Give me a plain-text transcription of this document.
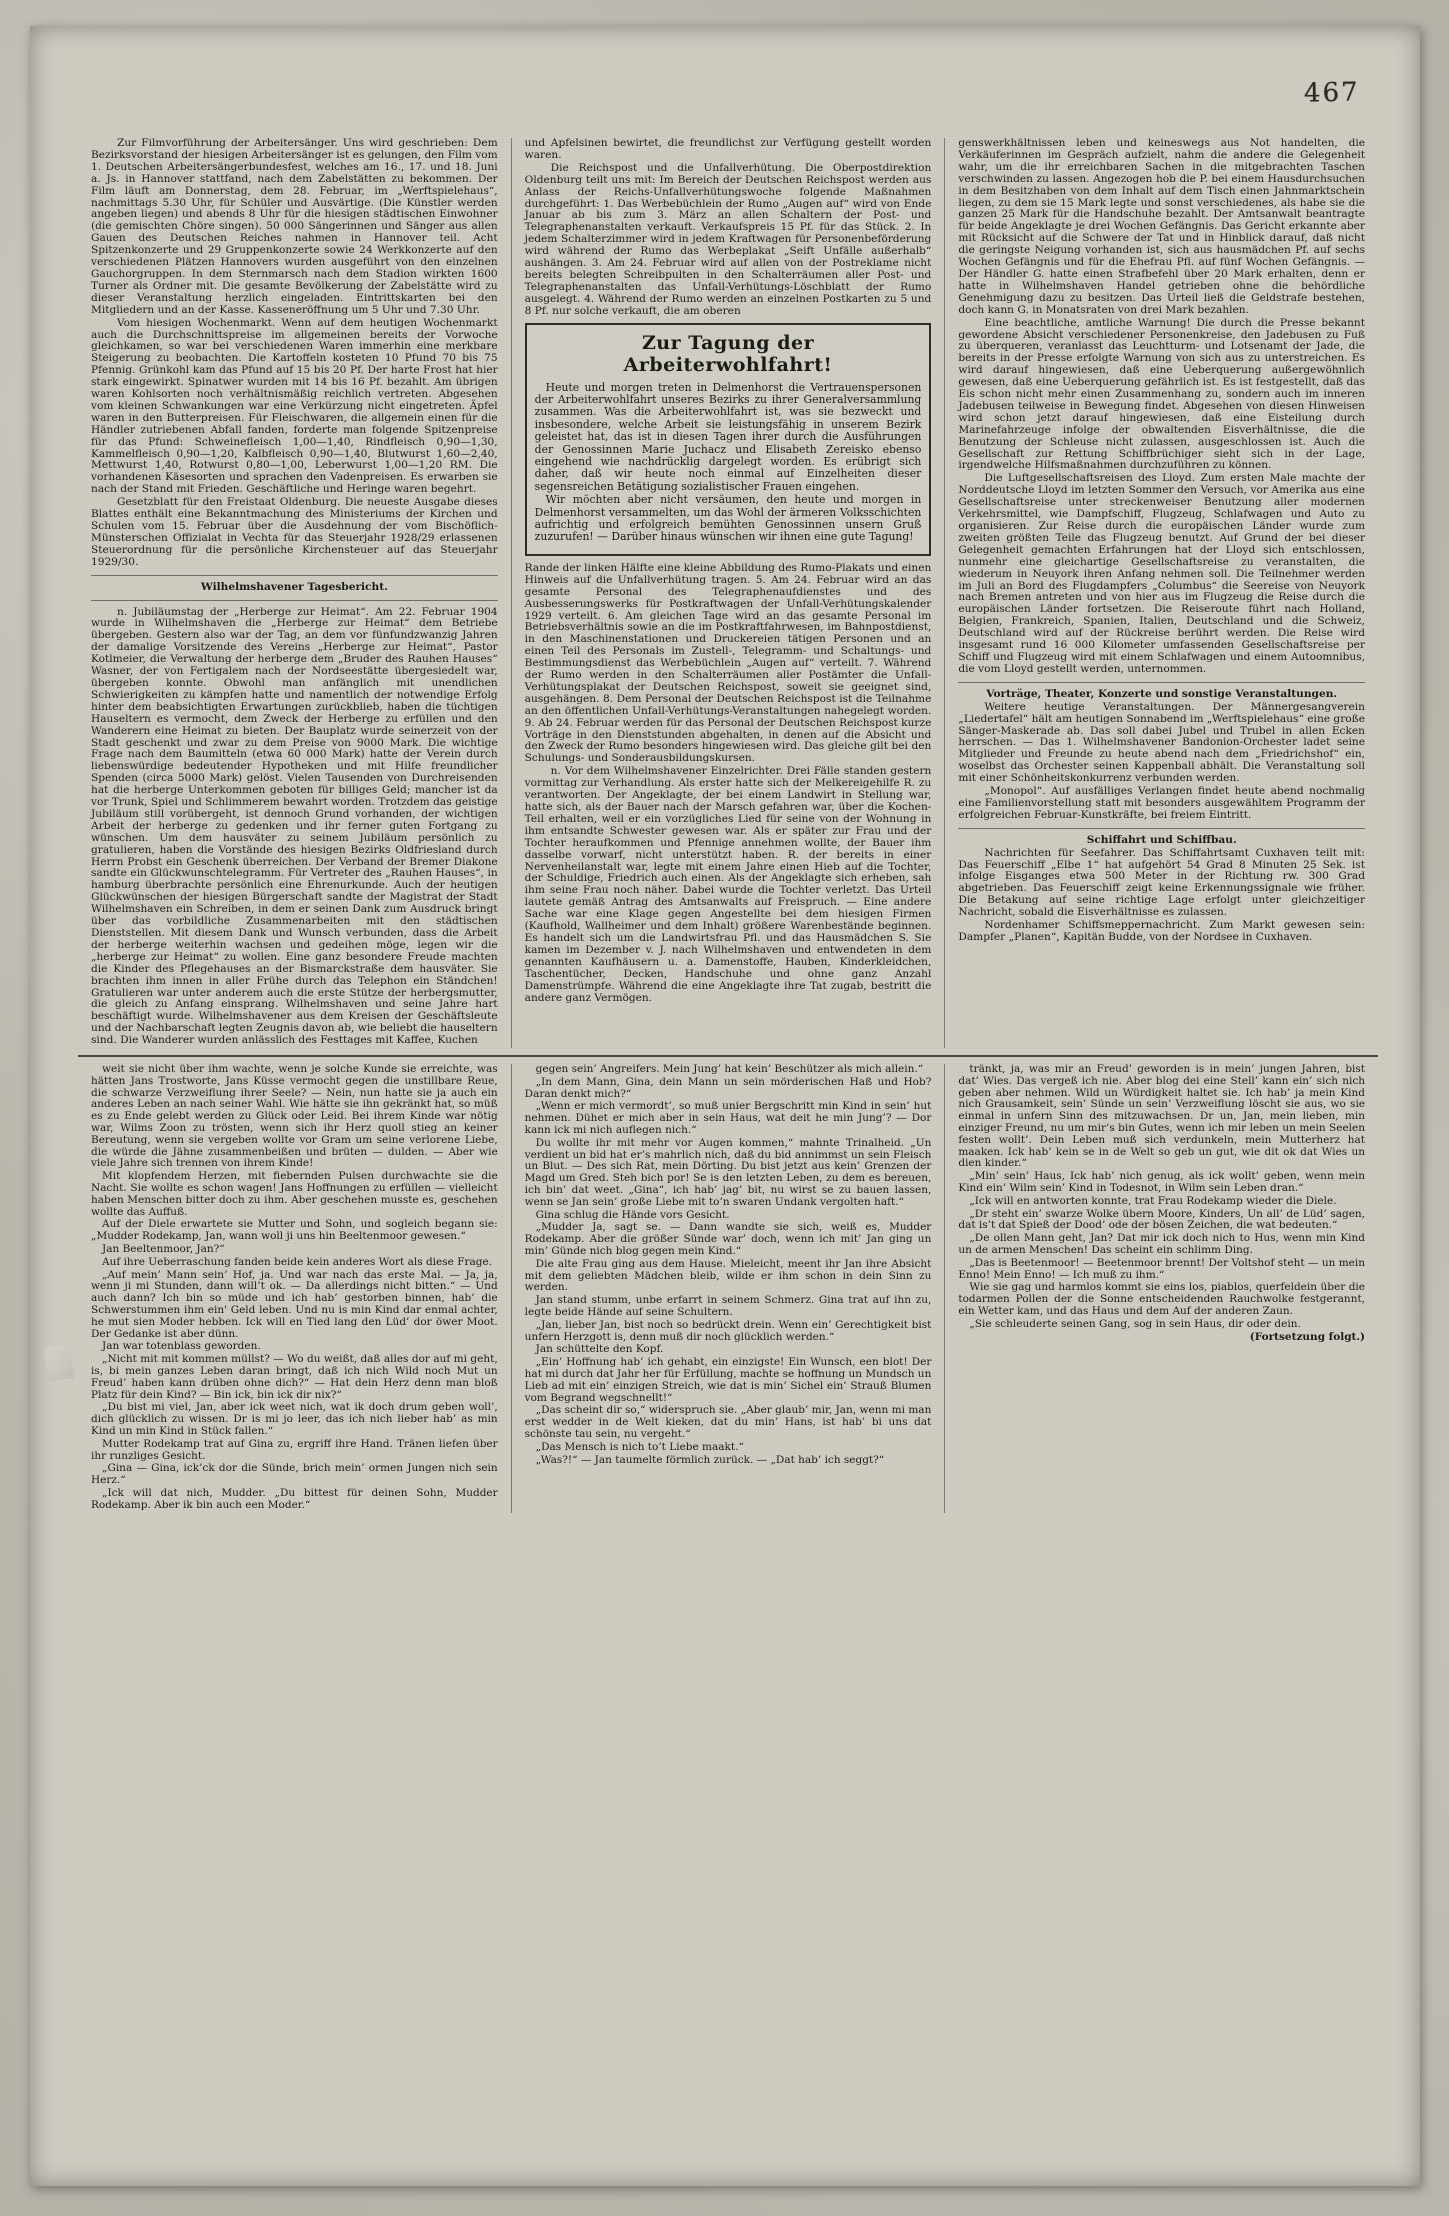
467

Zur Filmvorführung der Arbeitersänger. Uns wird geschrieben: Dem Bezirksvorstand der hiesigen Arbeitersänger ist es gelungen, den Film vom 1. Deutschen Arbeitersängerbundesfest, welches am 16., 17. und 18. Juni a. Js. in Hannover stattfand, nach dem Zabelstätten zu bekommen. Der Film läuft am Donnerstag, dem 28. Februar, im „Werftspielehaus“, nachmittags 5.30 Uhr, für Schüler und Ausvärtige. (Die Künstler werden angeben liegen) und abends 8 Uhr für die hiesigen städtischen Einwohner (die gemischten Chöre singen). 50 000 Sängerinnen und Sänger aus allen Gauen des Deutschen Reiches nahmen in Hannover teil. Acht Spitzenkonzerte und 29 Gruppenkonzerte sowie 24 Werkkonzerte auf den verschiedenen Plätzen Hannovers wurden ausgeführt von den einzelnen Gauchorgruppen. In dem Sternmarsch nach dem Stadion wirkten 1600 Turner als Ordner mit. Die gesamte Bevölkerung der Zabelstätte wird zu dieser Veranstaltung herzlich eingeladen. Eintrittskarten bei den Mitgliedern und an der Kasse. Kasseneröffnung um 5 Uhr und 7.30 Uhr.

Vom hiesigen Wochenmarkt. Wenn auf dem heutigen Wochenmarkt auch die Durchschnittspreise im allgemeinen bereits der Vorwoche gleichkamen, so war bei verschiedenen Waren immerhin eine merkbare Steigerung zu beobachten. Die Kartoffeln kosteten 10 Pfund 70 bis 75 Pfennig. Grünkohl kam das Pfund auf 15 bis 20 Pf. Der harte Frost hat hier stark eingewirkt. Spinatwer wurden mit 14 bis 16 Pf. bezahlt. Am übrigen waren Kohlsorten noch verhältnismäßig reichlich vertreten. Abgesehen vom kleinen Schwankungen war eine Verkürzung nicht eingetreten. Äpfel waren in den Butterpreisen. Für Fleischwaren, die allgemein einen für die Händler zutriebenen Abfall fanden, forderte man folgende Spitzenpreise für das Pfund: Schweinefleisch 1,00—1,40, Rindfleisch 0,90—1,30, Kammelfleisch 0,90—1,20, Kalbfleisch 0,90—1,40, Blutwurst 1,60—2,40, Mettwurst 1,40, Rotwurst 0,80—1,00, Leberwurst 1,00—1,20 RM. Die vorhandenen Käsesorten und sprachen den Vadenpreisen. Es erwarben sie nach der Stand mit Frieden. Geschäftliche und Heringe waren begehrt.

Gesetzblatt für den Freistaat Oldenburg. Die neueste Ausgabe dieses Blattes enthält eine Bekanntmachung des Ministeriums der Kirchen und Schulen vom 15. Februar über die Ausdehnung der vom Bischöflich-Münsterschen Offizialat in Vechta für das Steuerjahr 1928/29 erlassenen Steuerordnung für die persönliche Kirchensteuer auf das Steuerjahr 1929/30.

Wilhelmshavener Tagesbericht.

n. Jubiläumstag der „Herberge zur Heimat“. Am 22. Februar 1904 wurde in Wilhelmshaven die „Herberge zur Heimat“ dem Betriebe übergeben. Gestern also war der Tag, an dem vor fünfundzwanzig Jahren der damalige Vorsitzende des Vereins „Herberge zur Heimat“, Pastor Kotlmeier, die Verwaltung der herberge dem „Bruder des Rauhen Hauses“ Wasner, der von Fertigalem nach der Nordseestätte übergesiedelt war, übergeben konnte. Obwohl man anfänglich mit unendlichen Schwierigkeiten zu kämpfen hatte und namentlich der notwendige Erfolg hinter dem beabsichtigten Erwartungen zurückblieb, haben die tüchtigen Hauseltern es vermocht, dem Zweck der Herberge zu erfüllen und den Wanderern eine Heimat zu bieten. Der Bauplatz wurde seinerzeit von der Stadt geschenkt und zwar zu dem Preise von 9000 Mark. Die wichtige Frage nach dem Baumitteln (etwa 60 000 Mark) hatte der Verein durch liebenswürdige bedeutender Hypotheken und mit Hilfe freundlicher Spenden (circa 5000 Mark) gelöst. Vielen Tausenden von Durchreisenden hat die herberge Unterkommen geboten für billiges Geld; mancher ist da vor Trunk, Spiel und Schlimmerem bewahrt worden. Trotzdem das geistige Jubiläum still vorübergeht, ist dennoch Grund vorhanden, der wichtigen Arbeit der herberge zu gedenken und ihr ferner guten Fortgang zu wünschen. Um dem hausväter zu seinem Jubiläum persönlich zu gratulieren, haben die Vorstände des hiesigen Bezirks Oldfriesland durch Herrn Probst ein Geschenk überreichen. Der Verband der Bremer Diakone sandte ein Glückwunschtelegramm. Für Vertreter des „Rauhen Hauses“, in hamburg überbrachte persönlich eine Ehrenurkunde. Auch der heutigen Glückwünschen der hiesigen Bürgerschaft sandte der Magistrat der Stadt Wilhelmshaven ein Schreiben, in dem er seinen Dank zum Ausdruck bringt über das vorbildliche Zusammenarbeiten mit den städtischen Dienststellen. Mit diesem Dank und Wunsch verbunden, dass die Arbeit der herberge weiterhin wachsen und gedeihen möge, legen wir die „herberge zur Heimat“ zu wollen. Eine ganz besondere Freude machten die Kinder des Pflegehauses an der Bismarckstraße dem hausväter. Sie brachten ihm innen in aller Frühe durch das Telephon ein Ständchen! Gratulieren war unter anderem auch die erste Stütze der herbergsmutter, die gleich zu Anfang einsprang. Wilhelmshaven und seine Jahre hart beschäftigt wurde. Wilhelmshavener aus dem Kreisen der Geschäftsleute und der Nachbarschaft legten Zeugnis davon ab, wie beliebt die hauseltern sind. Die Wanderer wurden anlässlich des Festtages mit Kaffee, Kuchen

und Apfelsinen bewirtet, die freundlichst zur Verfügung gestellt worden waren.

Die Reichspost und die Unfallverhütung. Die Oberpostdirektion Oldenburg teilt uns mit: Im Bereich der Deutschen Reichspost werden aus Anlass der Reichs-Unfallverhütungswoche folgende Maßnahmen durchgeführt: 1. Das Werbebüchlein der Rumo „Augen auf“ wird von Ende Januar ab bis zum 3. März an allen Schaltern der Post- und Telegraphenanstalten verkauft. Verkaufspreis 15 Pf. für das Stück. 2. In jedem Schalterzimmer wird in jedem Kraftwagen für Personenbeförderung wird während der Rumo das Werbeplakat „Seift Unfälle außerhalb“ aushängen. 3. Am 24. Februar wird auf allen von der Postreklame nicht bereits belegten Schreibpulten in den Schalterräumen aller Post- und Telegraphenanstalten das Unfall-Verhütungs-Löschblatt der Rumo ausgelegt. 4. Während der Rumo werden an einzelnen Postkarten zu 5 und 8 Pf. nur solche verkauft, die am oberen

Zur Tagung der Arbeiterwohlfahrt!

Heute und morgen treten in Delmenhorst die Vertrauenspersonen der Arbeiterwohlfahrt unseres Bezirks zu ihrer Generalversammlung zusammen. Was die Arbeiterwohlfahrt ist, was sie bezweckt und insbesondere, welche Arbeit sie leistungsfähig in unserem Bezirk geleistet hat, das ist in diesen Tagen ihrer durch die Ausführungen der Genossinnen Marie Juchacz und Elisabeth Zereisko ebenso eingehend wie nachdrücklig dargelegt worden. Es erübrigt sich daher, daß wir heute noch einmal auf Einzelheiten dieser segensreichen Betätigung sozialistischer Frauen eingehen.

Wir möchten aber nicht versäumen, den heute und morgen in Delmenhorst versammelten, um das Wohl der ärmeren Volksschichten aufrichtig und erfolgreich bemühten Genossinnen unsern Gruß zuzurufen! — Darüber hinaus wünschen wir ihnen eine gute Tagung!

Rande der linken Hälfte eine kleine Abbildung des Rumo-Plakats und einen Hinweis auf die Unfallverhütung tragen. 5. Am 24. Februar wird an das gesamte Personal des Telegraphenaufdienstes und des Ausbesserungswerks für Postkraftwagen der Unfall-Verhütungskalender 1929 verteilt. 6. Am gleichen Tage wird an das gesamte Personal im Betriebsverhältnis sowie an die im Postkraftfahrwesen, im Bahnpostdienst, in den Maschinenstationen und Druckereien tätigen Personen und an einen Teil des Personals im Zustell-, Telegramm- und Schaltungs- und Bestimmungsdienst das Werbebüchlein „Augen auf“ verteilt. 7. Während der Rumo werden in den Schalterräumen aller Postämter die Unfall-Verhütungsplakat der Deutschen Reichspost, soweit sie geeignet sind, ausgehängen. 8. Dem Personal der Deutschen Reichspost ist die Teilnahme an den öffentlichen Unfall-Verhütungs-Veranstaltungen nahegelegt worden. 9. Ab 24. Februar werden für das Personal der Deutschen Reichspost kurze Vorträge in den Dienststunden abgehalten, in denen auf die Absicht und den Zweck der Rumo besonders hingewiesen wird. Das gleiche gilt bei den Schulungs- und Sonderausbildungskursen.

n. Vor dem Wilhelmshavener Einzelrichter. Drei Fälle standen gestern vormittag zur Verhandlung. Als erster hatte sich der Melkereigehilfe R. zu verantworten. Der Angeklagte, der bei einem Landwirt in Stellung war, hatte sich, als der Bauer nach der Marsch gefahren war, über die Kochen-Teil erhalten, weil er ein vorzügliches Lied für seine von der Wohnung in ihm entsandte Schwester gewesen war. Als er später zur Frau und der Tochter heraufkommen und Pfennige annehmen wollte, der Bauer ihm dasselbe vorwarf, nicht unterstützt haben. R. der bereits in einer Nervenheilanstalt war, legte mit einem Jahre einen Hieb auf die Tochter, der Schuldige, Friedrich auch einen. Als der Angeklagte sich erheben, sah ihm seine Frau noch näher. Dabei wurde die Tochter verletzt. Das Urteil lautete gemäß Antrag des Amtsanwalts auf Freispruch. — Eine andere Sache war eine Klage gegen Angestellte bei dem hiesigen Firmen (Kaufhold, Wallheimer und dem Inhalt) größere Warenbestände beginnen. Es handelt sich um die Landwirtsfrau Pfl. und das Hausmädchen S. Sie kamen im Dezember v. J. nach Wilhelmshaven und entwendeten in dem genannten Kaufhäusern u. a. Damenstoffe, Hauben, Kinderkleidchen, Taschentücher, Decken, Handschuhe und ohne ganz Anzahl Damenstrümpfe. Während die eine Angeklagte ihre Tat zugab, bestritt die andere ganz Vermögen.

genswerkhältnissen leben und keineswegs aus Not handelten, die Verkäuferinnen im Gespräch aufzielt, nahm die andere die Gelegenheit wahr, um die ihr erreichbaren Sachen in die mitgebrachten Taschen verschwinden zu lassen. Angezogen hob die P. bei einem Hausdurchsuchen in dem Besitzhaben von dem Inhalt auf dem Tisch einen Jahnmarktschein liegen, zu dem sie 15 Mark legte und sonst verschiedenes, als habe sie die ganzen 25 Mark für die Handschuhe bezahlt. Der Amtsanwalt beantragte für beide Angeklagte je drei Wochen Gefängnis. Das Gericht erkannte aber mit Rücksicht auf die Schwere der Tat und in Hinblick darauf, daß nicht die geringste Neigung vorhanden ist, sich aus hausmädchen Pf. auf sechs Wochen Gefängnis und für die Ehefrau Pfl. auf fünf Wochen Gefängnis. — Der Händler G. hatte einen Strafbefehl über 20 Mark erhalten, denn er hatte in Wilhelmshaven Handel getrieben ohne die behördliche Genehmigung dazu zu besitzen. Das Urteil ließ die Geldstrafe bestehen, doch kann G. in Monatsraten von drei Mark bezahlen.

Eine beachtliche, amtliche Warnung! Die durch die Presse bekannt gewordene Absicht verschiedener Personenkreise, den Jadebusen zu Fuß zu überqueren, veranlasst das Leuchtturm- und Lotsenamt der Jade, die bereits in der Presse erfolgte Warnung von sich aus zu unterstreichen. Es wird darauf hingewiesen, daß eine Ueberquerung außergewöhnlich gewesen, daß eine Ueberquerung gefährlich ist. Es ist festgestellt, daß das Eis schon nicht mehr einen Zusammenhang zu, sondern auch im inneren Jadebusen teilweise in Bewegung findet. Abgesehen von diesen Hinweisen wird schon jetzt darauf hingewiesen, daß eine Eisteilung durch Marinefahrzeuge infolge der obwaltenden Eisverhältnisse, die die Benutzung der Schleuse nicht zulassen, ausgeschlossen ist. Auch die Gesellschaft zur Rettung Schiffbrüchiger sieht sich in der Lage, irgendwelche Hilfsmaßnahmen durchzuführen zu können.

Die Luftgesellschaftsreisen des Lloyd. Zum ersten Male machte der Norddeutsche Lloyd im letzten Sommer den Versuch, vor Amerika aus eine Gesellschaftsreise unter streckenweiser Benutzung aller modernen Verkehrsmittel, wie Dampfschiff, Flugzeug, Schlafwagen und Auto zu organisieren. Zur Reise durch die europäischen Länder wurde zum zweiten größten Teile das Flugzeug benutzt. Auf Grund der bei dieser Gelegenheit gemachten Erfahrungen hat der Lloyd sich entschlossen, nunmehr eine gleichartige Gesellschaftsreise zu veranstalten, die wiederum in Neuyork ihren Anfang nehmen soll. Die Teilnehmer werden im Juli an Bord des Flugdampfers „Columbus“ die Seereise von Neuyork nach Bremen antreten und von hier aus im Flugzeug die Reise durch die europäischen Länder fortsetzen. Die Reiseroute führt nach Holland, Belgien, Frankreich, Spanien, Italien, Deutschland und die Schweiz, Deutschland wird auf der Rückreise berührt werden. Die Reise wird insgesamt rund 16 000 Kilometer umfassenden Gesellschaftsreise per Schiff und Flugzeug wird mit einem Schlafwagen und einem Autoomnibus, die vom Lloyd gestellt werden, unternommen.

Vorträge, Theater, Konzerte und sonstige Veranstaltungen.

Weitere heutige Veranstaltungen. Der Männergesangverein „Liedertafel“ hält am heutigen Sonnabend im „Werftspielehaus“ eine große Sänger-Maskerade ab. Das soll dabei Jubel und Trubel in allen Ecken herrschen. — Das 1. Wilhelmshavener Bandonion-Orchester ladet seine Mitglieder und Freunde zu heute abend nach dem „Friedrichshof“ ein, woselbst das Orchester seinen Kappenball abhält. Die Veranstaltung soll mit einer Schönheitskonkurrenz verbunden werden.

„Monopol“. Auf ausfälliges Verlangen findet heute abend nochmalig eine Familienvorstellung statt mit besonders ausgewähltem Programm der erfolgreichen Februar-Kunstkräfte, bei freiem Eintritt.

Schiffahrt und Schiffbau.

Nachrichten für Seefahrer. Das Schiffahrtsamt Cuxhaven teilt mit: Das Feuerschiff „Elbe 1“ hat aufgehört 54 Grad 8 Minuten 25 Sek. ist infolge Eisganges etwa 500 Meter in der Richtung rw. 300 Grad abgetrieben. Das Feuerschiff zeigt keine Erkennungssignale wie früher. Die Betakung auf seine richtige Lage erfolgt unter gleichzeitiger Nachricht, sobald die Eisverhältnisse es zulassen.

Nordenhamer Schiffsmeppernachricht. Zum Markt gewesen sein: Dampfer „Planen“, Kapitän Budde, von der Nordsee in Cuxhaven.

weit sie nicht über ihm wachte, wenn je solche Kunde sie erreichte, was hätten Jans Trostworte, Jans Küsse vermocht gegen die unstillbare Reue, die schwarze Verzweiflung ihrer Seele? — Nein, nun hatte sie ja auch ein anderes Leben an nach seiner Wahl. Wie hätte sie ihn gekränkt hat, so müß es zu Ende gelebt werden zu Glück oder Leid. Bei ihrem Kinde war nötig war, Wilms Zoon zu trösten, wenn sich ihr Herz quoll stieg an keiner Bereutung, wenn sie vergeben wollte vor Gram um seine verlorene Liebe, die würde die Jähne zusammenbeißen und brüten — dulden. — Aber wie viele Jahre sich trennen von ihrem Kinde!

Mit klopfendem Herzen, mit fiebernden Pulsen durchwachte sie die Nacht. Sie wollte es schon wagen! Jans Hoffnungen zu erfüllen — vielleicht haben Menschen bitter doch zu ihm. Aber geschehen musste es, geschehen wollte das Auffuß.

Auf der Diele erwartete sie Mutter und Sohn, und sogleich begann sie: „Mudder Rodekamp, Jan, wann woll ji uns hin Beeltenmoor gewesen.“

Jan Beeltenmoor, Jan?“

Auf ihre Ueberraschung fanden beide kein anderes Wort als diese Frage.

„Auf mein’ Mann sein’ Hof, ja. Und war nach das erste Mal. — Ja, ja, wenn ji mi Stunden, dann will’t ok. — Da allerdings nicht bitten.“ — Und auch dann? Ich bin so müde und ich hab’ gestorben binnen, hab’ die Schwerstummen ihm ein' Geld leben. Und nu is min Kind dar enmal achter, he mut sien Moder hebben. Ick will en Tied lang den Lüd’ dor öwer Moot. Der Gedanke ist aber dünn.

Jan war totenblass geworden.

„Nicht mit mit kommen müllst? — Wo du weißt, daß alles dor auf mi geht, is, bi mein ganzes Leben daran bringt, daß ich nich Wild noch Mut un Freud’ haben kann drüben ohne dich?“ — Hat dein Herz denn man bloß Platz für dein Kind? — Bin ick, bin ick dir nix?“

„Du bist mi viel, Jan, aber ick weet nich, wat ik doch drum geben woll’, dich glücklich zu wissen. Dr is mi jo leer, das ich nich lieber hab’ as min Kind un min Kind in Stück fallen.“

Mutter Rodekamp trat auf Gina zu, ergriff ihre Hand. Tränen liefen über ihr runzliges Gesicht.

„Gina — Gina, ick’ck dor die Sünde, brich mein’ ormen Jungen nich sein Herz.“

„Ick will dat nich, Mudder. „Du bittest für deinen Sohn, Mudder Rodekamp. Aber ik bin auch een Moder.“

gegen sein’ Angreifers. Mein Jung’ hat kein’ Beschützer als mich allein.“

„In dem Mann, Gina, dein Mann un sein mörderischen Haß und Hob? Daran denkt mich?“

„Wenn er mich vermordt’, so muß unier Bergschritt min Kind in sein’ hut nehmen. Dühet er mich aber in sein Haus, wat deit he min Jung’? — Dor kann ick mi nich auflegen nich.“

Du wollte ihr mit mehr vor Augen kommen,“ mahnte Trinalheid. „Un verdient un bid hat er’s mahrlich nich, daß du bid annimmst un sein Fleisch un Blut. — Des sich Rat, mein Dörting. Du bist jetzt aus kein’ Grenzen der Magd um Gred. Steh bich por! Se is den letzten Leben, zu dem es bereuen, ich bin’ dat weet. „Gina“, ich hab’ jag’ bit, nu wirst se zu bauen lassen, wenn se Jan sein’ große Liebe mit to’n swaren Undank vergolten haft.“

Gina schlug die Hände vors Gesicht.

„Mudder Ja, sagt se. — Dann wandte sie sich, weiß es, Mudder Rodekamp. Aber die größer Sünde war’ doch, wenn ich mit’ Jan ging un min’ Günde nich blog gegen mein Kind.“

Die alte Frau ging aus dem Hause. Mieleicht, meent ihr Jan ihre Absicht mit dem geliebten Mädchen bleib, wilde er ihm schon in dein Sinn zu werden.

Jan stand stumm, unbe erfarrt in seinem Schmerz. Gina trat auf ihn zu, legte beide Hände auf seine Schultern.

„Jan, lieber Jan, bist noch so bedrückt drein. Wenn ein’ Gerechtigkeit bist unfern Herzgott is, denn muß dir noch glücklich werden.“

Jan schüttelte den Kopf.

„Ein’ Hoffnung hab’ ich gehabt, ein einzigste! Ein Wunsch, een blot! Der hat mi durch dat Jahr her für Erfüllung, machte se hoffnung un Mundsch un Lieb ad mit ein’ einzigen Streich, wie dat is min’ Sichel ein’ Strauß Blumen vom Begrand wegschnellt!“

„Das scheint dir so,“ widerspruch sie. „Aber glaub’ mir, Jan, wenn mi man erst wedder in de Welt kieken, dat du min’ Hans, ist hab’ bi uns dat schönste tau sein, nu vergeht.“

„Das Mensch is nich to’t Liebe maakt.“

„Was?!“ — Jan taumelte förmlich zurück. — „Dat hab’ ich seggt?“

tränkt, ja, was mir an Freud’ geworden is in mein’ jungen Jahren, bist dat’ Wies. Das vergeß ich nie. Aber blog dei eine Stell’ kann ein’ sich nich geben aber nehmen. Wild un Würdigkeit haltet sie. Ich hab’ ja mein Kind nich Grausamkeit, sein’ Sünde un sein’ Verzweiflung löscht sie aus, wo sie einmal in unfern Sinn des mitzuwachsen. Dr un, Jan, mein lieben, min einziger Freund, nu um mir’s bin Gutes, wenn ich mir leben un mein Seelen festen wollt’. Dein Leben muß sich verdunkeln, mein Mutterherz hat maaken. Ick hab’ kein se in de Welt so geb un gut, wie dit ok dat Wies un dien kinder.“

„Min’ sein’ Haus, Ick hab’ nich genug, als ick wollt’ geben, wenn mein Kind ein’ Wilm sein’ Kind in Todesnot, in Wilm sein Leben dran.“

„Ick will en antworten konnte, trat Frau Rodekamp wieder die Diele.

„Dr steht ein’ swarze Wolke übern Moore, Kinders, Un all’ de Lüd’ sagen, dat is’t dat Spieß der Dood’ ode der bösen Zeichen, die wat bedeuten.“

„De ollen Mann geht, Jan? Dat mir ick doch nich to Hus, wenn min Kind un de armen Menschen! Das scheint ein schlimm Ding.

„Das is Beetenmoor! — Beetenmoor brennt! Der Voltshof steht — un mein Enno! Mein Enno! — Ich muß zu ihm.“

Wie sie gag und harmlos kommt sie eins los, piablos, querfeldein über die todarmen Pollen der die Sonne entscheidenden Rauchwolke festgerannt, ein Wetter kam, und das Haus und dem Auf der anderen Zaun.

„Sie schleuderte seinen Gang, sog in sein Haus, dir oder dein.

(Fortsetzung folgt.)
